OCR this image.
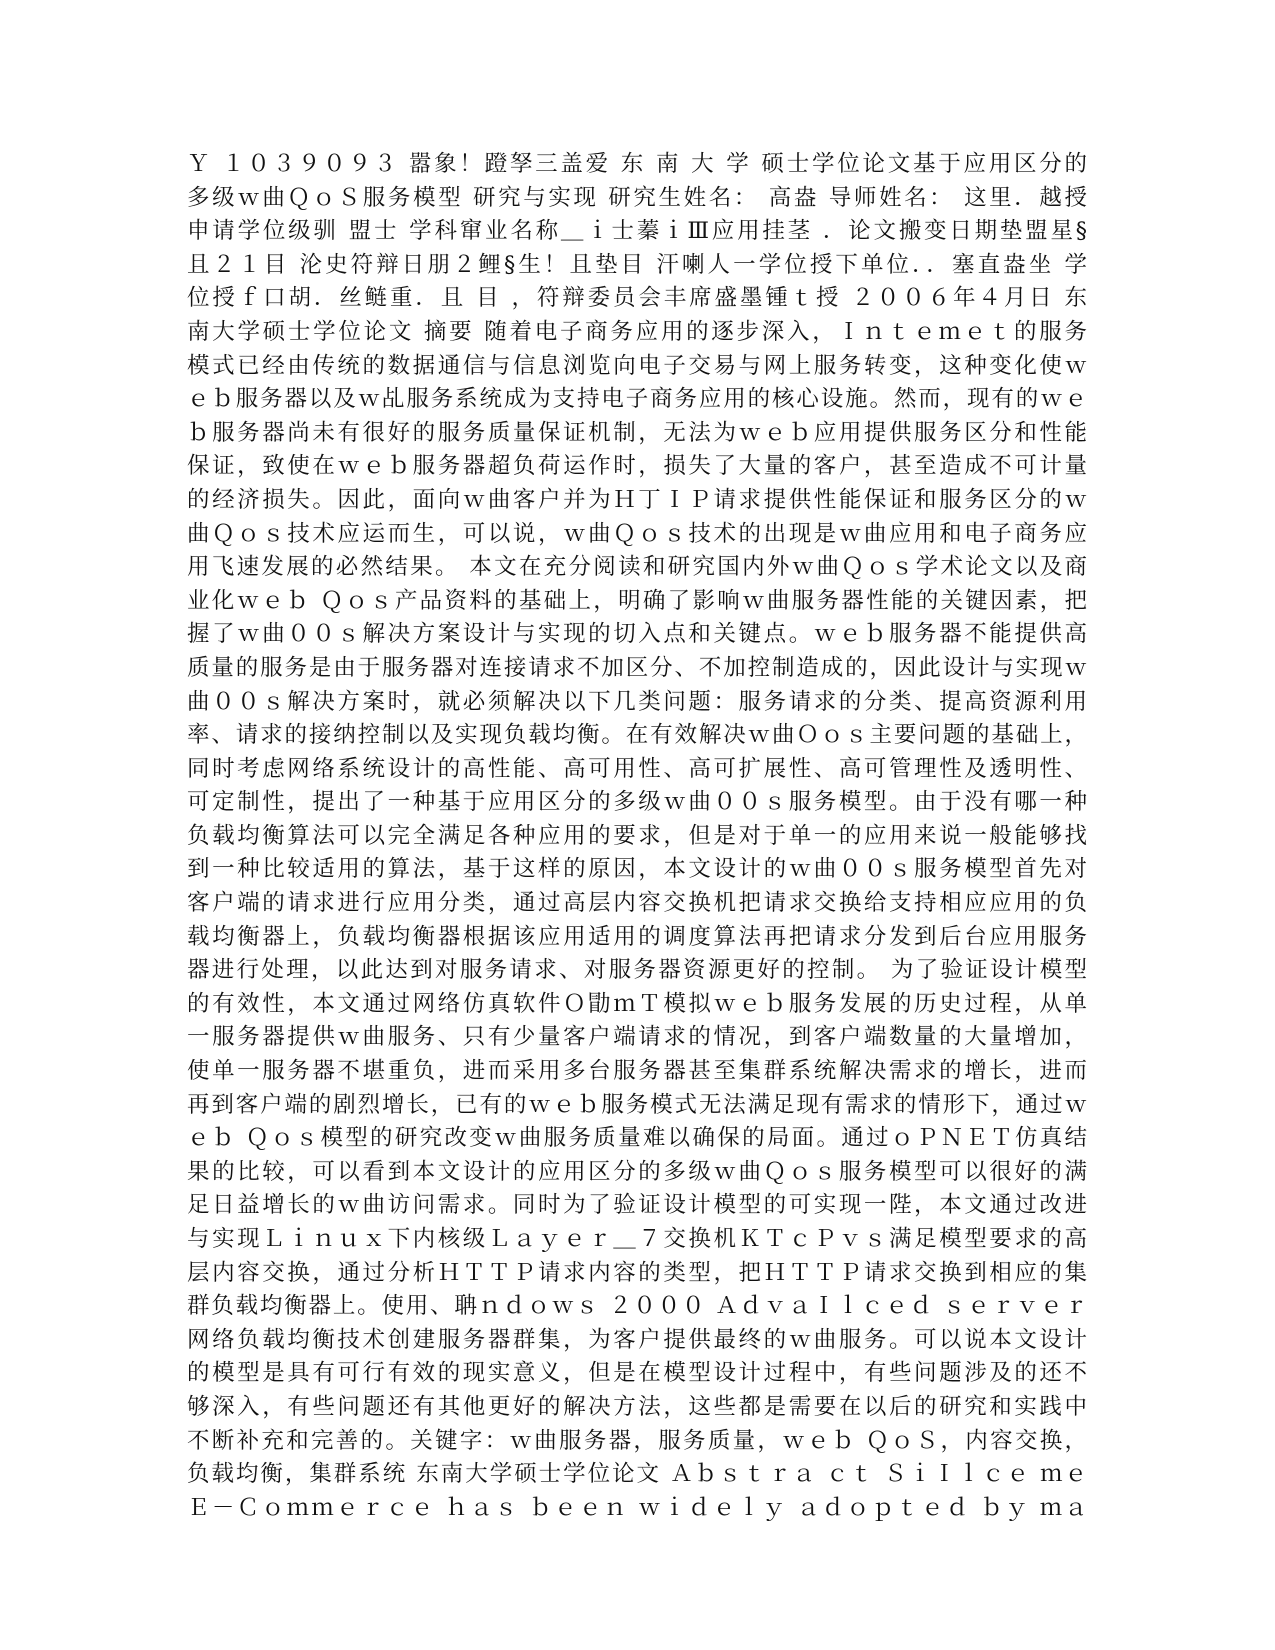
Ｙ １０３９０９３ 嚣象！蹬孥三盖爱 东 南 大 学 硕士学位论文基于应用区分的
多级ｗ曲ＱｏＳ服务模型 研究与实现 研究生姓名： 高盎 导师姓名： 这里．越授
申请学位级驯 盟士 学科窜业名称＿ｉ士蓁ｉⅢ应用挂茎 ．论文搬变日期垫盟星§
且２１目 沦史符辩日朋２鲤§生！且垫目 汗喇人一学位授下单位．．塞直盎坐 学
位授ｆ口胡．丝鲢重．且 目 ，符辩委员会丰席盛墨锺ｔ授 ２００６年４月日 东
南大学硕士学位论文 摘要 随着电子商务应用的逐步深入，Ｉｎｔｅｍｅｔ的服务
模式已经由传统的数据通信与信息浏览向电子交易与网上服务转变，这种变化使ｗ
ｅｂ服务器以及ｗ乩服务系统成为支持电子商务应用的核心设施。然而，现有的ｗｅ
ｂ服务器尚未有很好的服务质量保证机制，无法为ｗｅｂ应用提供服务区分和性能
保证，致使在ｗｅｂ服务器超负荷运作时，损失了大量的客户，甚至造成不可计量
的经济损失。因此，面向ｗ曲客户并为Ｈ丁ＩＰ请求提供性能保证和服务区分的ｗ
曲Ｑｏｓ技术应运而生，可以说，ｗ曲Ｑｏｓ技术的出现是ｗ曲应用和电子商务应
用飞速发展的必然结果。 本文在充分阅读和研究国内外ｗ曲Ｑｏｓ学术论文以及商
业化ｗｅｂ Ｑｏｓ产品资料的基础上，明确了影响ｗ曲服务器性能的关键因素，把
握了ｗ曲００ｓ解决方案设计与实现的切入点和关键点。ｗｅｂ服务器不能提供高
质量的服务是由于服务器对连接请求不加区分、不加控制造成的，因此设计与实现ｗ
曲００ｓ解决方案时，就必须解决以下几类问题：服务请求的分类、提高资源利用
率、请求的接纳控制以及实现负载均衡。在有效解决ｗ曲Ｏｏｓ主要问题的基础上，
同时考虑网络系统设计的高性能、高可用性、高可扩展性、高可管理性及透明性、
可定制性，提出了一种基于应用区分的多级ｗ曲００ｓ服务模型。由于没有哪一种
负载均衡算法可以完全满足各种应用的要求，但是对于单一的应用来说一般能够找
到一种比较适用的算法，基于这样的原因，本文设计的ｗ曲００ｓ服务模型首先对
客户端的请求进行应用分类，通过高层内容交换机把请求交换给支持相应应用的负
载均衡器上，负载均衡器根据该应用适用的调度算法再把请求分发到后台应用服务
器进行处理，以此达到对服务请求、对服务器资源更好的控制。 为了验证设计模型
的有效性，本文通过网络仿真软件Ｏ勖ｍＴ模拟ｗｅｂ服务发展的历史过程，从单
一服务器提供ｗ曲服务、只有少量客户端请求的情况，到客户端数量的大量增加，
使单一服务器不堪重负，进而采用多台服务器甚至集群系统解决需求的增长，进而
再到客户端的剧烈增长，已有的ｗｅｂ服务模式无法满足现有需求的情形下，通过ｗ
ｅｂ Ｑｏｓ模型的研究改变ｗ曲服务质量难以确保的局面。通过ｏＰＮＥＴ仿真结
果的比较，可以看到本文设计的应用区分的多级ｗ曲Ｑｏｓ服务模型可以很好的满
足日益增长的ｗ曲访问需求。同时为了验证设计模型的可实现一陛，本文通过改进
与实现Ｌｉｎｕｘ下内核级Ｌａｙｅｒ＿７交换机ＫＴｃＰｖｓ满足模型要求的高
层内容交换，通过分析ＨＴＴＰ请求内容的类型，把ＨＴＴＰ请求交换到相应的集
群负载均衡器上。使用、聃ｎｄｏｗｓ ２０００ ＡｄｖａＩｌｃｅｄ ｓｅｒｖｅｒ
网络负载均衡技术创建服务器群集，为客户提供最终的ｗ曲服务。可以说本文设计
的模型是具有可行有效的现实意义，但是在模型设计过程中，有些问题涉及的还不
够深入，有些问题还有其他更好的解决方法，这些都是需要在以后的研究和实践中
不断补充和完善的。关键字：ｗ曲服务器，服务质量，ｗｅｂ ＱｏＳ，内容交换，
负载均衡，集群系统 东南大学硕士学位论文 Ａｂｓｔｒａ ｃｔ ＳｉＩｌｃｅ ｍｅ
Ｅ－Ｃｏｍｍｅｒｃｅ ｈａｓ ｂｅｅｎ ｗｉｄｅｌｙ ａｄｏｐｔｅｄ ｂｙ ｍａ
